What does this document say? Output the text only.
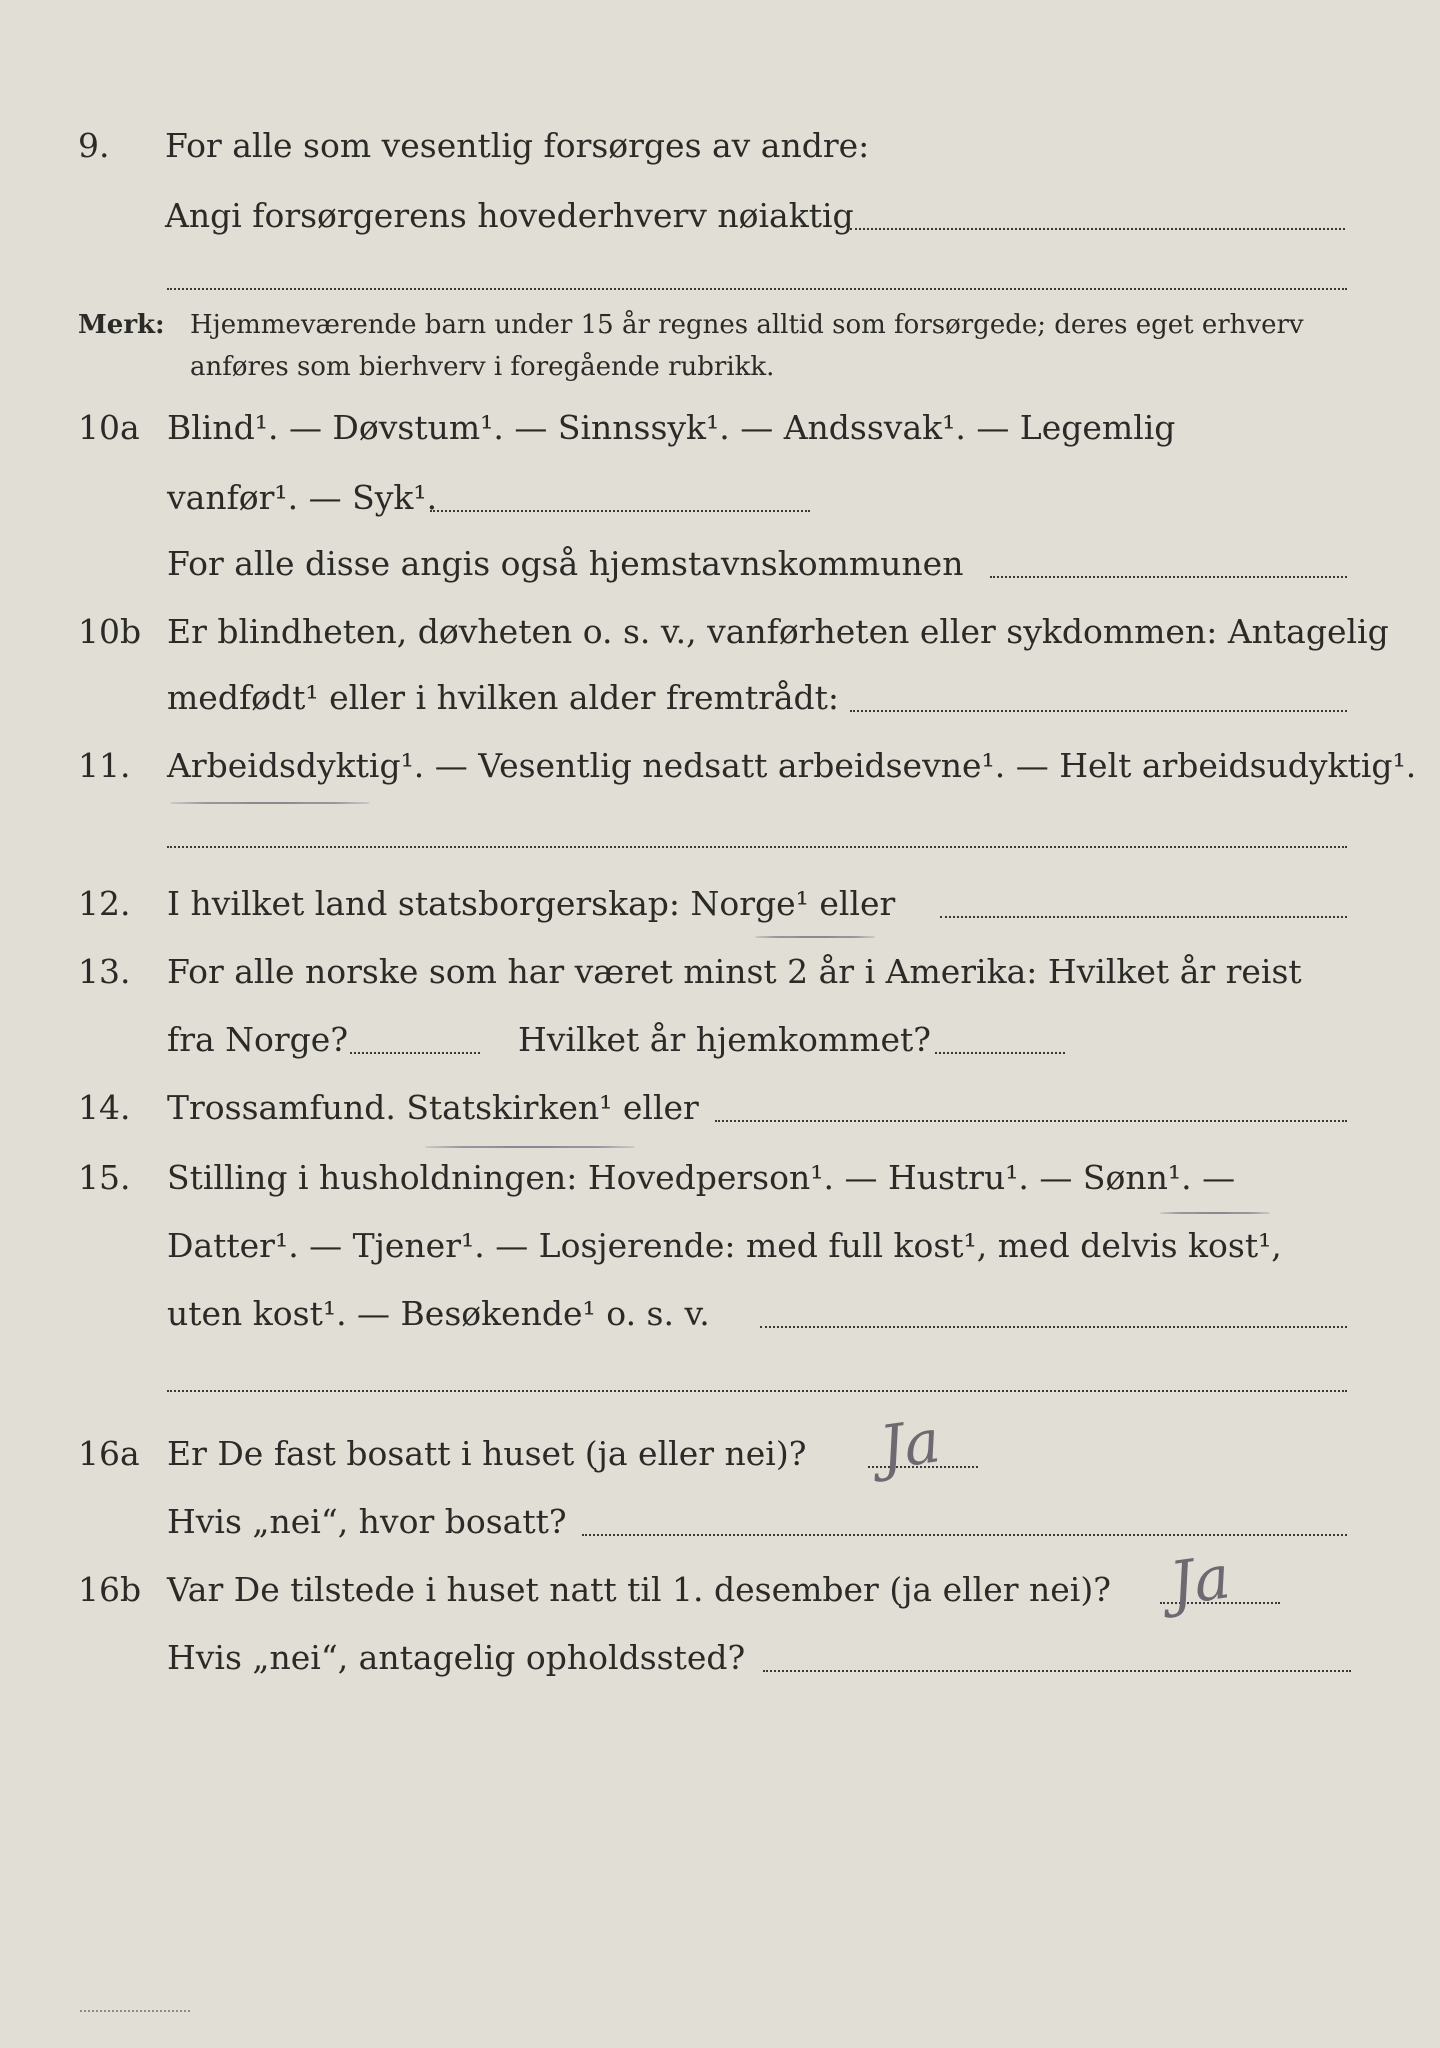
9. For alle som vesentlig forsørges av andre:
Angi forsørgerens hovederhverv nøiaktig
Merk: Hjemmeværende barn under 15 år regnes alltid som forsørgede; deres eget erhverv
anføres som bierhverv i foregående rubrikk.
10a Blind¹. — Døvstum¹. — Sinnssyk¹. — Andssvak¹. — Legemlig
vanfør¹. — Syk¹.
For alle disse angis også hjemstavnskommunen
10b Er blindheten, døvheten o. s. v., vanførheten eller sykdommen: Antagelig
medfødt¹ eller i hvilken alder fremtrådt:
11. Arbeidsdyktig¹. — Vesentlig nedsatt arbeidsevne¹. — Helt arbeidsudyktig¹.
12. I hvilket land statsborgerskap: Norge¹ eller
13. For alle norske som har været minst 2 år i Amerika: Hvilket år reist
fra Norge?	Hvilket år hjemkommet?
14. Trossamfund. Statskirken¹ eller
15. Stilling i husholdningen: Hovedperson¹. — Hustru¹. — Sønn¹. —
Datter¹. — Tjener¹. — Losjerende: med full kost¹, med delvis kost¹,
uten kost¹. — Besøkende¹ o. s. v.
16a Er De fast bosatt i huset (ja eller nei)? Ja
Hvis „nei“, hvor bosatt?
16b Var De tilstede i huset natt til 1. desember (ja eller nei)? Ja
Hvis „nei“, antagelig opholdssted?
